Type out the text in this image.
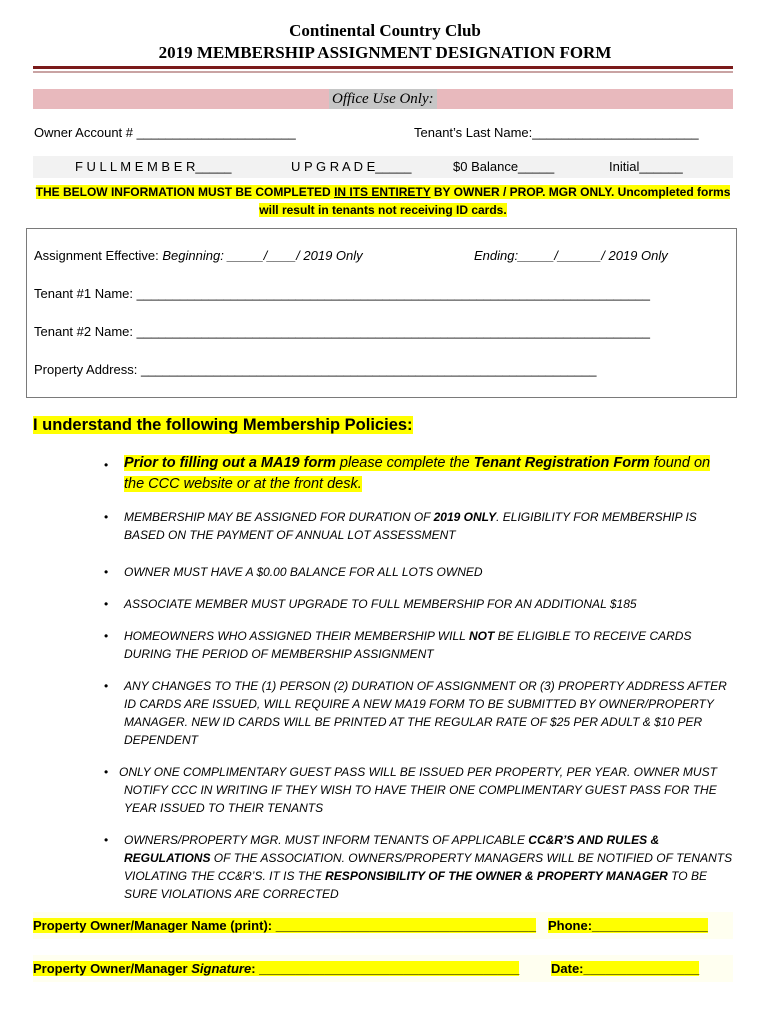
Continental Country Club
2019 MEMBERSHIP ASSIGNMENT DESIGNATION FORM
Office Use Only:
Owner Account # ______________________	Tenant’s Last Name:_______________________
F U L L M E M B E R_____	U P G R A D E_____	$0 Balance_____	Initial______
THE BELOW INFORMATION MUST BE COMPLETED IN ITS ENTIRETY BY OWNER / PROP. MGR ONLY. Uncompleted forms
will result in tenants not receiving ID cards.
Assignment Effective: Beginning: _____/____/ 2019 Only	Ending:_____/______/ 2019 Only
Tenant #1 Name: _______________________________________________________________________
Tenant #2 Name: _______________________________________________________________________
Property Address: _______________________________________________________________
I understand the following Membership Policies:
• Prior to filling out a MA19 form please complete the Tenant Registration Form found on
the CCC website or at the front desk.
• MEMBERSHIP MAY BE ASSIGNED FOR DURATION OF 2019 ONLY. ELIGIBILITY FOR MEMBERSHIP IS
BASED ON THE PAYMENT OF ANNUAL LOT ASSESSMENT
• OWNER MUST HAVE A $0.00 BALANCE FOR ALL LOTS OWNED
• ASSOCIATE MEMBER MUST UPGRADE TO FULL MEMBERSHIP FOR AN ADDITIONAL $185
• HOMEOWNERS WHO ASSIGNED THEIR MEMBERSHIP WILL NOT BE ELIGIBLE TO RECEIVE CARDS
DURING THE PERIOD OF MEMBERSHIP ASSIGNMENT
• ANY CHANGES TO THE (1) PERSON (2) DURATION OF ASSIGNMENT OR (3) PROPERTY ADDRESS AFTER
ID CARDS ARE ISSUED, WILL REQUIRE A NEW MA19 FORM TO BE SUBMITTED BY OWNER/PROPERTY
MANAGER. NEW ID CARDS WILL BE PRINTED AT THE REGULAR RATE OF $25 PER ADULT & $10 PER
DEPENDENT
• ONLY ONE COMPLIMENTARY GUEST PASS WILL BE ISSUED PER PROPERTY, PER YEAR. OWNER MUST
NOTIFY CCC IN WRITING IF THEY WISH TO HAVE THEIR ONE COMPLIMENTARY GUEST PASS FOR THE
YEAR ISSUED TO THEIR TENANTS
• OWNERS/PROPERTY MGR. MUST INFORM TENANTS OF APPLICABLE CC&R’S AND RULES &
REGULATIONS OF THE ASSOCIATION. OWNERS/PROPERTY MANAGERS WILL BE NOTIFIED OF TENANTS
VIOLATING THE CC&R’S. IT IS THE RESPONSIBILITY OF THE OWNER & PROPERTY MANAGER TO BE
SURE VIOLATIONS ARE CORRECTED
Property Owner/Manager Name (print): ____________________________________ Phone:________________
Property Owner/Manager Signature: ____________________________________	Date:________________
